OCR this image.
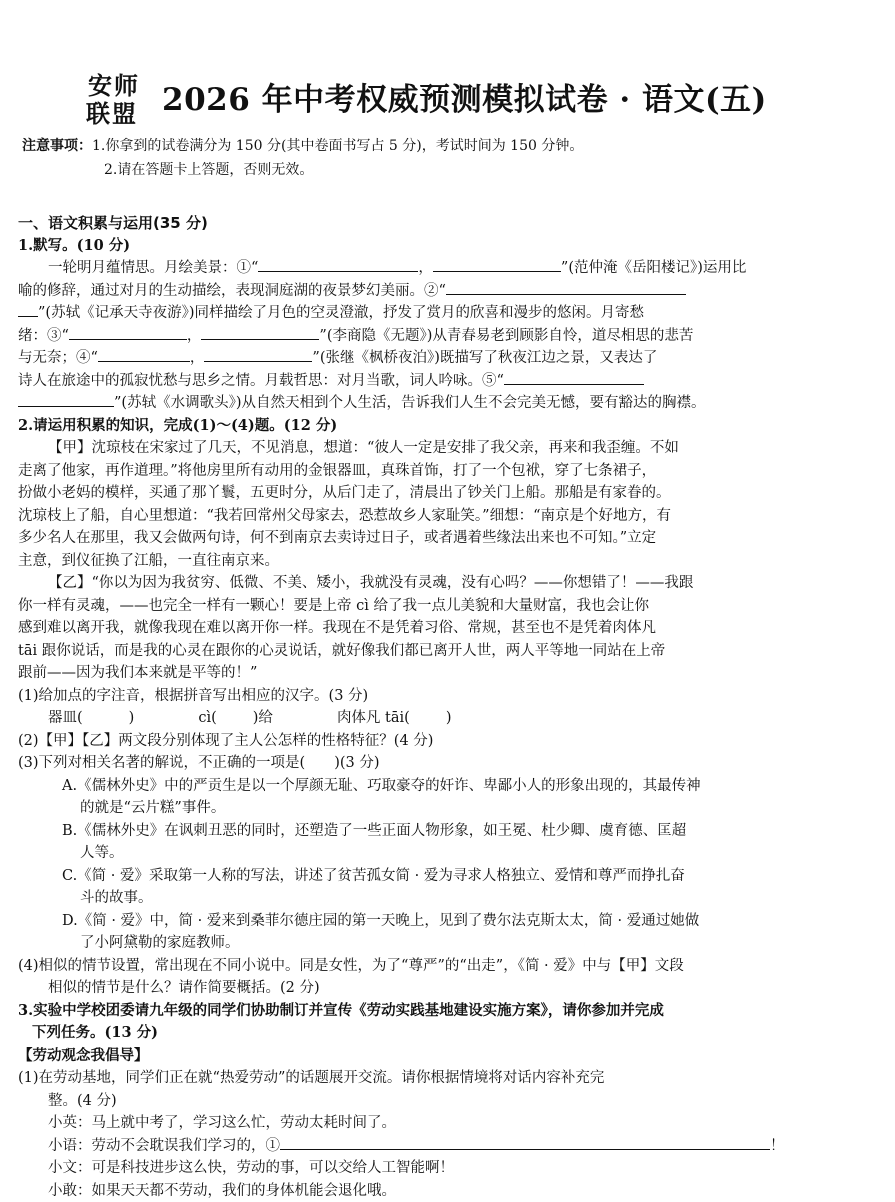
安师
联盟 2026 年中考权威预测模拟试卷 · 语文(五)
注意事项：1.你拿到的试卷满分为 150 分(其中卷面书写占 5 分)，考试时间为 150 分钟。
2.请在答题卡上答题，否则无效。
一、语文积累与运用(35 分)
1.默写。(10 分)
一轮明月蕴情思。月绘美景：①“	，	”(范仲淹《岳阳楼记》)运用比
喻的修辞，通过对月的生动描绘，表现洞庭湖的夜景梦幻美丽。②“
”(苏轼《记承天寺夜游》)同样描绘了月色的空灵澄澈，抒发了赏月的欣喜和漫步的悠闲。月寄愁
绪：③“	，	”(李商隐《无题》)从青春易老到顾影自怜，道尽相思的悲苦
与无奈；④“	，	”(张继《枫桥夜泊》)既描写了秋夜江边之景，又表达了
诗人在旅途中的孤寂忧愁与思乡之情。月载哲思：对月当歌，词人吟咏。⑤“
”(苏轼《水调歌头》)从自然天相到个人生活，告诉我们人生不会完美无憾，要有豁达的胸襟。
2.请运用积累的知识，完成(1)～(4)题。(12 分)
【甲】沈琼枝在宋家过了几天，不见消息，想道：“彼人一定是安排了我父亲，再来和我歪缠。不如
走离了他家，再作道理。”将他房里所有动用的金银器皿，真珠首饰，打了一个包袱，穿了七条裙子，
扮做小老妈的模样，买通了那丫鬟，五更时分，从后门走了，清晨出了钞关门上船。那船是有家眷的。
沈琼枝上了船，自心里想道：“我若回常州父母家去，恐惹故乡人家耻笑。”细想：“南京是个好地方，有
多少名人在那里，我又会做两句诗，何不到南京去卖诗过日子，或者遇着些缘法出来也不可知。”立定
主意，到仪征换了江船，一直往南京来。
【乙】“你以为因为我贫穷、低微、不美、矮小，我就没有灵魂，没有心吗？——你想错了！——我跟
你一样有灵魂，——也完全一样有一颗心！要是上帝 cì 给了我一点儿美貌和大量财富，我也会让你
感到难以离开我，就像我现在难以离开你一样。我现在不是凭着习俗、常规，甚至也不是凭着肉体凡
tāi 跟你说话，而是我的心灵在跟你的心灵说话，就好像我们都已离开人世，两人平等地一同站在上帝
跟前——因为我们本来就是平等的！”
(1)给加点的字注音，根据拼音写出相应的汉字。(3 分)
器皿(	)	cì( )给	肉体凡 tāi( )
(2)【甲】【乙】两文段分别体现了主人公怎样的性格特征？(4 分)
(3)下列对相关名著的解说，不正确的一项是(　　)(3 分)
A.《儒林外史》中的严贡生是以一个厚颜无耻、巧取豪夺的奸诈、卑鄙小人的形象出现的，其最传神
的就是“云片糕”事件。
B.《儒林外史》在讽刺丑恶的同时，还塑造了一些正面人物形象，如王冕、杜少卿、虞育德、匡超
人等。
C.《简 · 爱》采取第一人称的写法，讲述了贫苦孤女简 · 爱为寻求人格独立、爱情和尊严而挣扎奋
斗的故事。
D.《简 · 爱》中，简 · 爱来到桑菲尔德庄园的第一天晚上，见到了费尔法克斯太太，简 · 爱通过她做
了小阿黛勒的家庭教师。
(4)相似的情节设置，常出现在不同小说中。同是女性，为了“尊严”的“出走”，《简 · 爱》中与【甲】文段
相似的情节是什么？请作简要概括。(2 分)
3.实验中学校团委请九年级的同学们协助制订并宣传《劳动实践基地建设实施方案》，请你参加并完成
下列任务。(13 分)
【劳动观念我倡导】
(1)在劳动基地，同学们正在就“热爱劳动”的话题展开交流。请你根据情境将对话内容补充完
整。(4 分)
小英：马上就中考了，学习这么忙，劳动太耗时间了。
小语：劳动不会耽误我们学习的，①	！
小文：可是科技进步这么快，劳动的事，可以交给人工智能啊！
小敢：如果天天都不劳动，我们的身体机能会退化哦。
